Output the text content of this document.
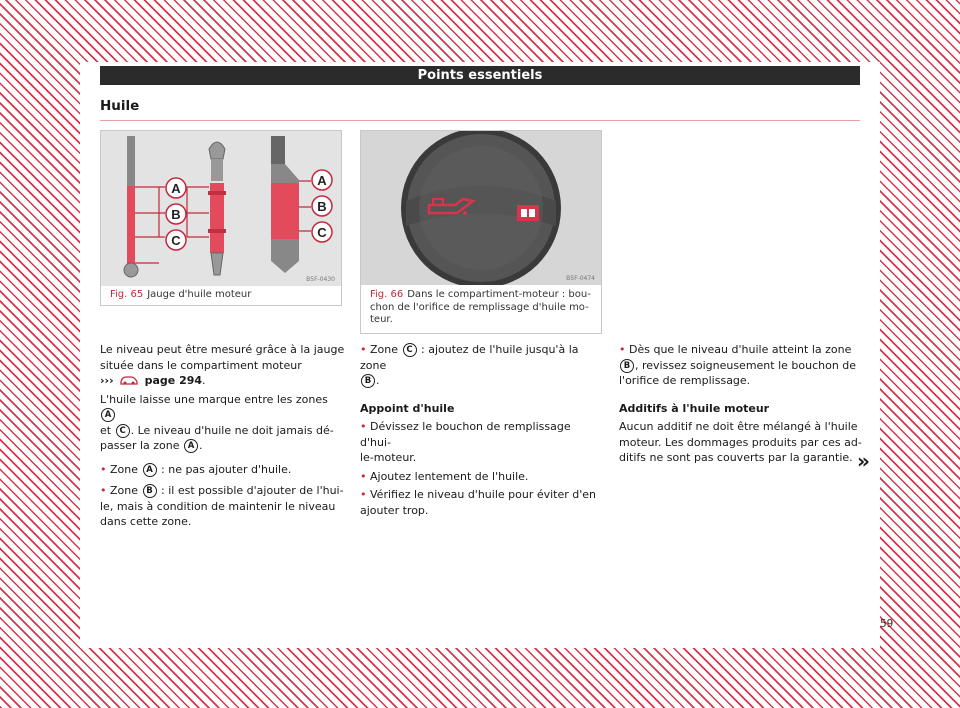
Points essentiels
Huile
A
B
C
A
B
C
B5F-0430
Fig. 65 Jauge d'huile moteur
B5F-0474
Fig. 66 Dans le compartiment-moteur : bou-
chon de l'orifice de remplissage d'huile mo-
teur.

Le niveau peut être mesuré grâce à la jauge

située dans le compartiment moteur

›››	page 294.

L'huile laisse une marque entre les zones A

et C . Le niveau d'huile ne doit jamais dé-

passer la zone A .

• Zone A : ne pas ajouter d'huile.

• Zone B : il est possible d'ajouter de l'hui-

le, mais à condition de maintenir le niveau

dans cette zone.

• Zone C : ajoutez de l'huile jusqu'à la zone

B .

Appoint d'huile

• Dévissez le bouchon de remplissage d'hui-

le-moteur.

• Ajoutez lentement de l'huile.

• Vérifiez le niveau d'huile pour éviter d'en

ajouter trop.

• Dès que le niveau d'huile atteint la zone

B , revissez soigneusement le bouchon de

l'orifice de remplissage.

Additifs à l'huile moteur

Aucun additif ne doit être mélangé à l'huile

moteur. Les dommages produits par ces ad-

ditifs ne sont pas couverts par la garantie. »
59
